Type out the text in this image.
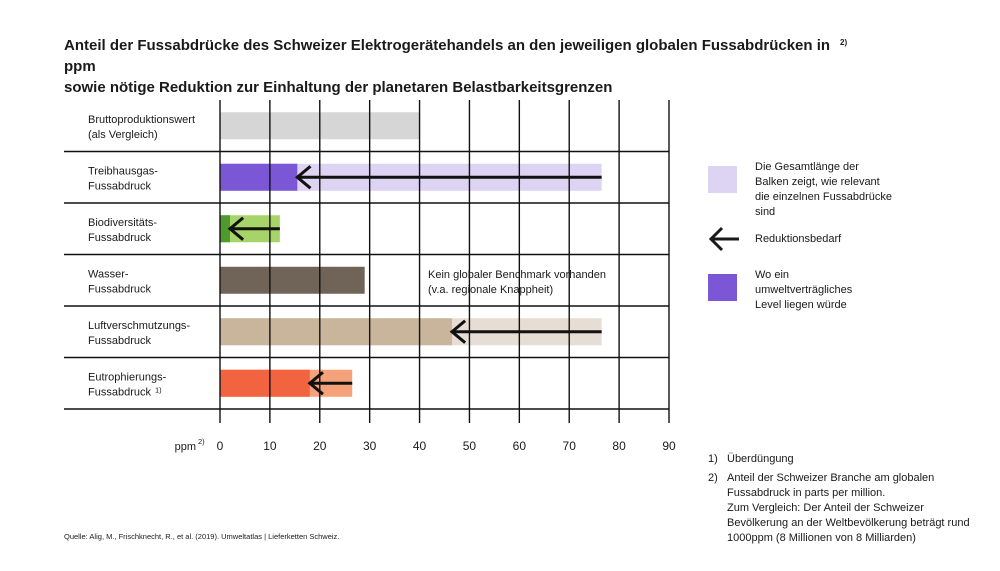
Anteil der Fussabdrücke des Schweizer Elektrogerätehandels an den jeweiligen globalen Fussabdrücken in ppm
sowie nötige Reduktion zur Einhaltung der planetaren Belastbarkeitsgrenzen
2)
0	10	20	30	40	50	60	70	80	90
Bruttoproduktionswert (als Vergleich)
Treibhausgas-Fussabdruck
Biodiversitäts-Fussabdruck
Wasser-Fussabdruck
Luftverschmutzungs-Fussabdruck
Eutrophierungs-Fussabdruck $^{1)}$
Kein globaler Benchmark vorhanden (v.a. regionale Knappheit)
ppm 2)
Die Gesamtlänge der
Balken zeigt, wie relevant
die einzelnen Fussabdrücke
sind
Reduktionsbedarf
Wo ein
umweltverträgliches
Level liegen würde
1) Überdüngung
2) Anteil der Schweizer Branche am globalen
Fussabdruck in parts per million.
Zum Vergleich: Der Anteil der Schweizer
Bevölkerung an der Weltbevölkerung beträgt rund
1000ppm (8 Millionen von 8 Milliarden)
Quelle: Alig, M., Frischknecht, R., et al. (2019). Umweltatlas | Lieferketten Schweiz.
